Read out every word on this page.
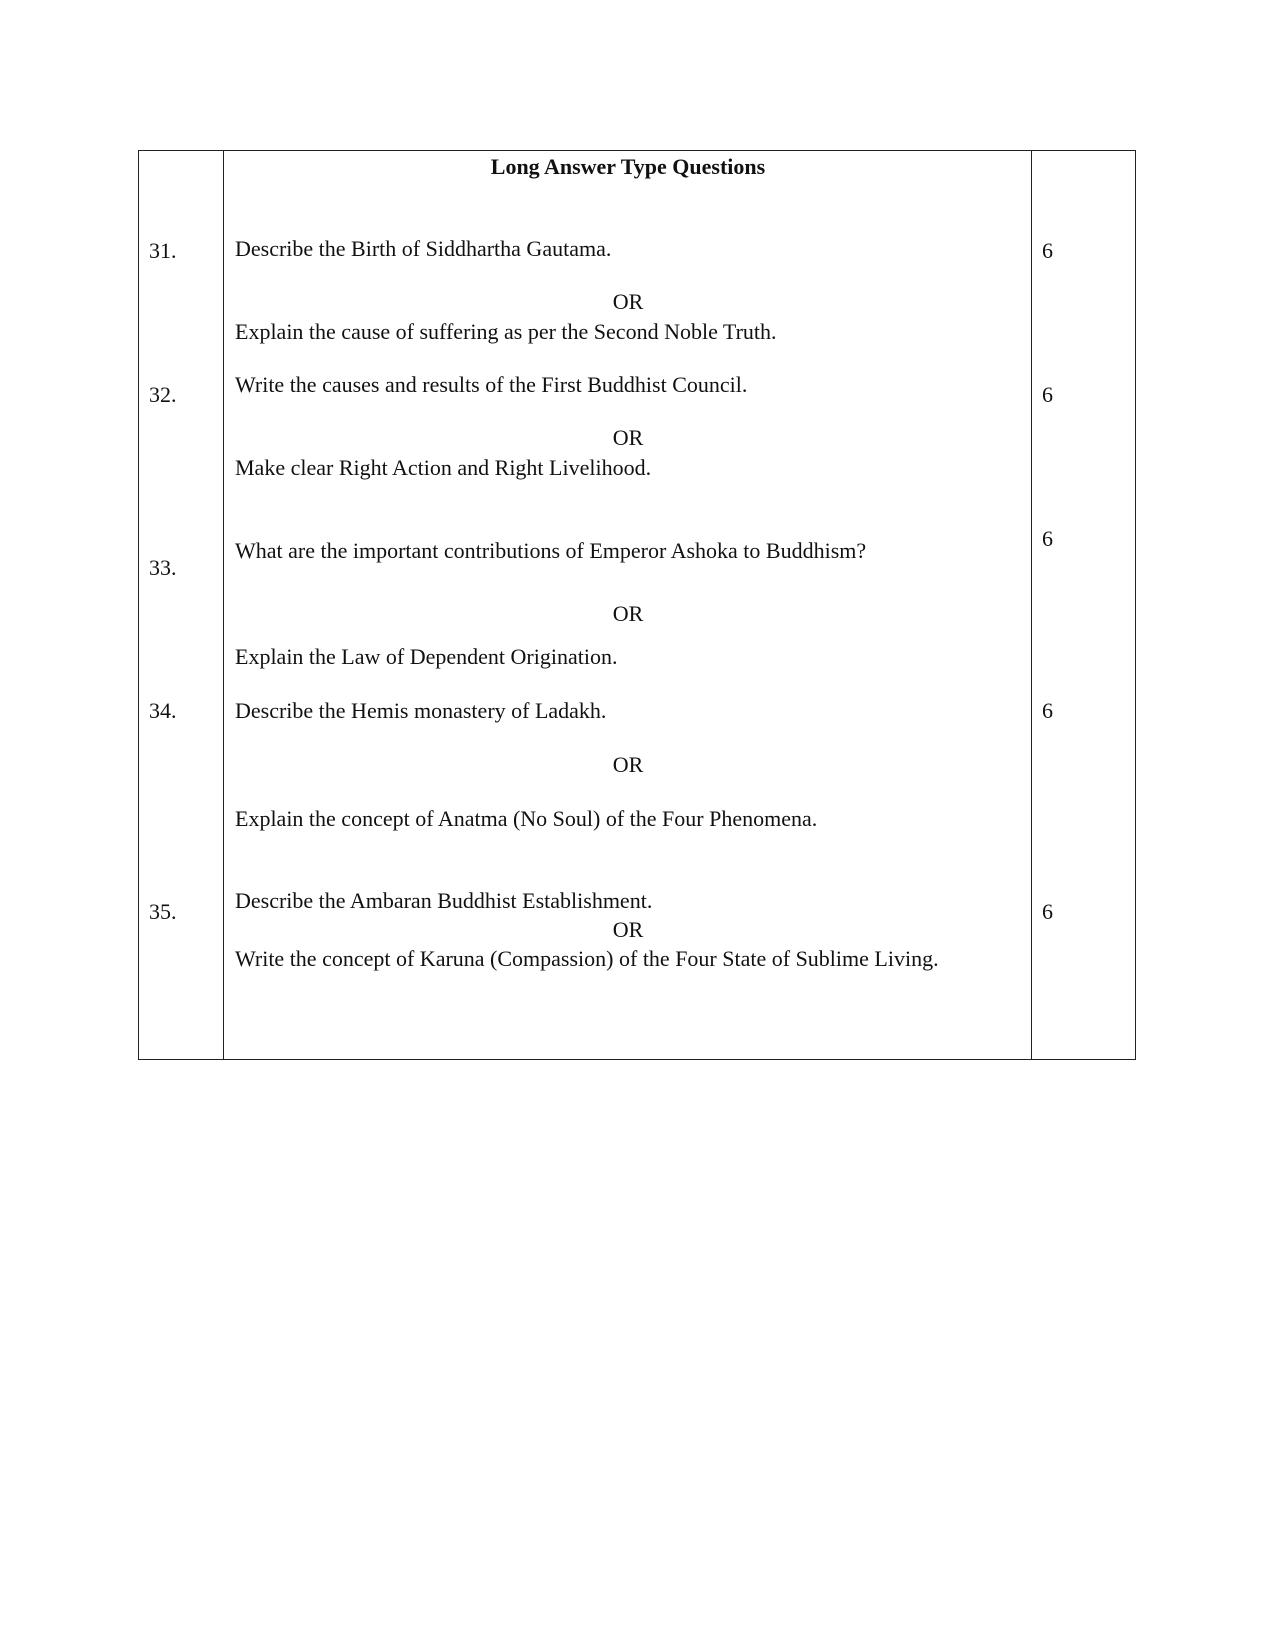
Long Answer Type Questions
31.	Describe the Birth of Siddhartha Gautama.
OR
Explain the cause of suffering as per the Second Noble Truth.
6
32.	Write the causes and results of the First Buddhist Council.
OR
Make clear Right Action and Right Livelihood.
6
33.
What are the important contributions of Emperor Ashoka to Buddhism?
OR
Explain the Law of Dependent Origination.
6
34.	Describe the Hemis monastery of Ladakh.
OR
Explain the concept of Anatma (No Soul) of the Four Phenomena.
6
35.	Describe the Ambaran Buddhist Establishment.
OR
Write the concept of Karuna (Compassion) of the Four State of Sublime Living.
6
